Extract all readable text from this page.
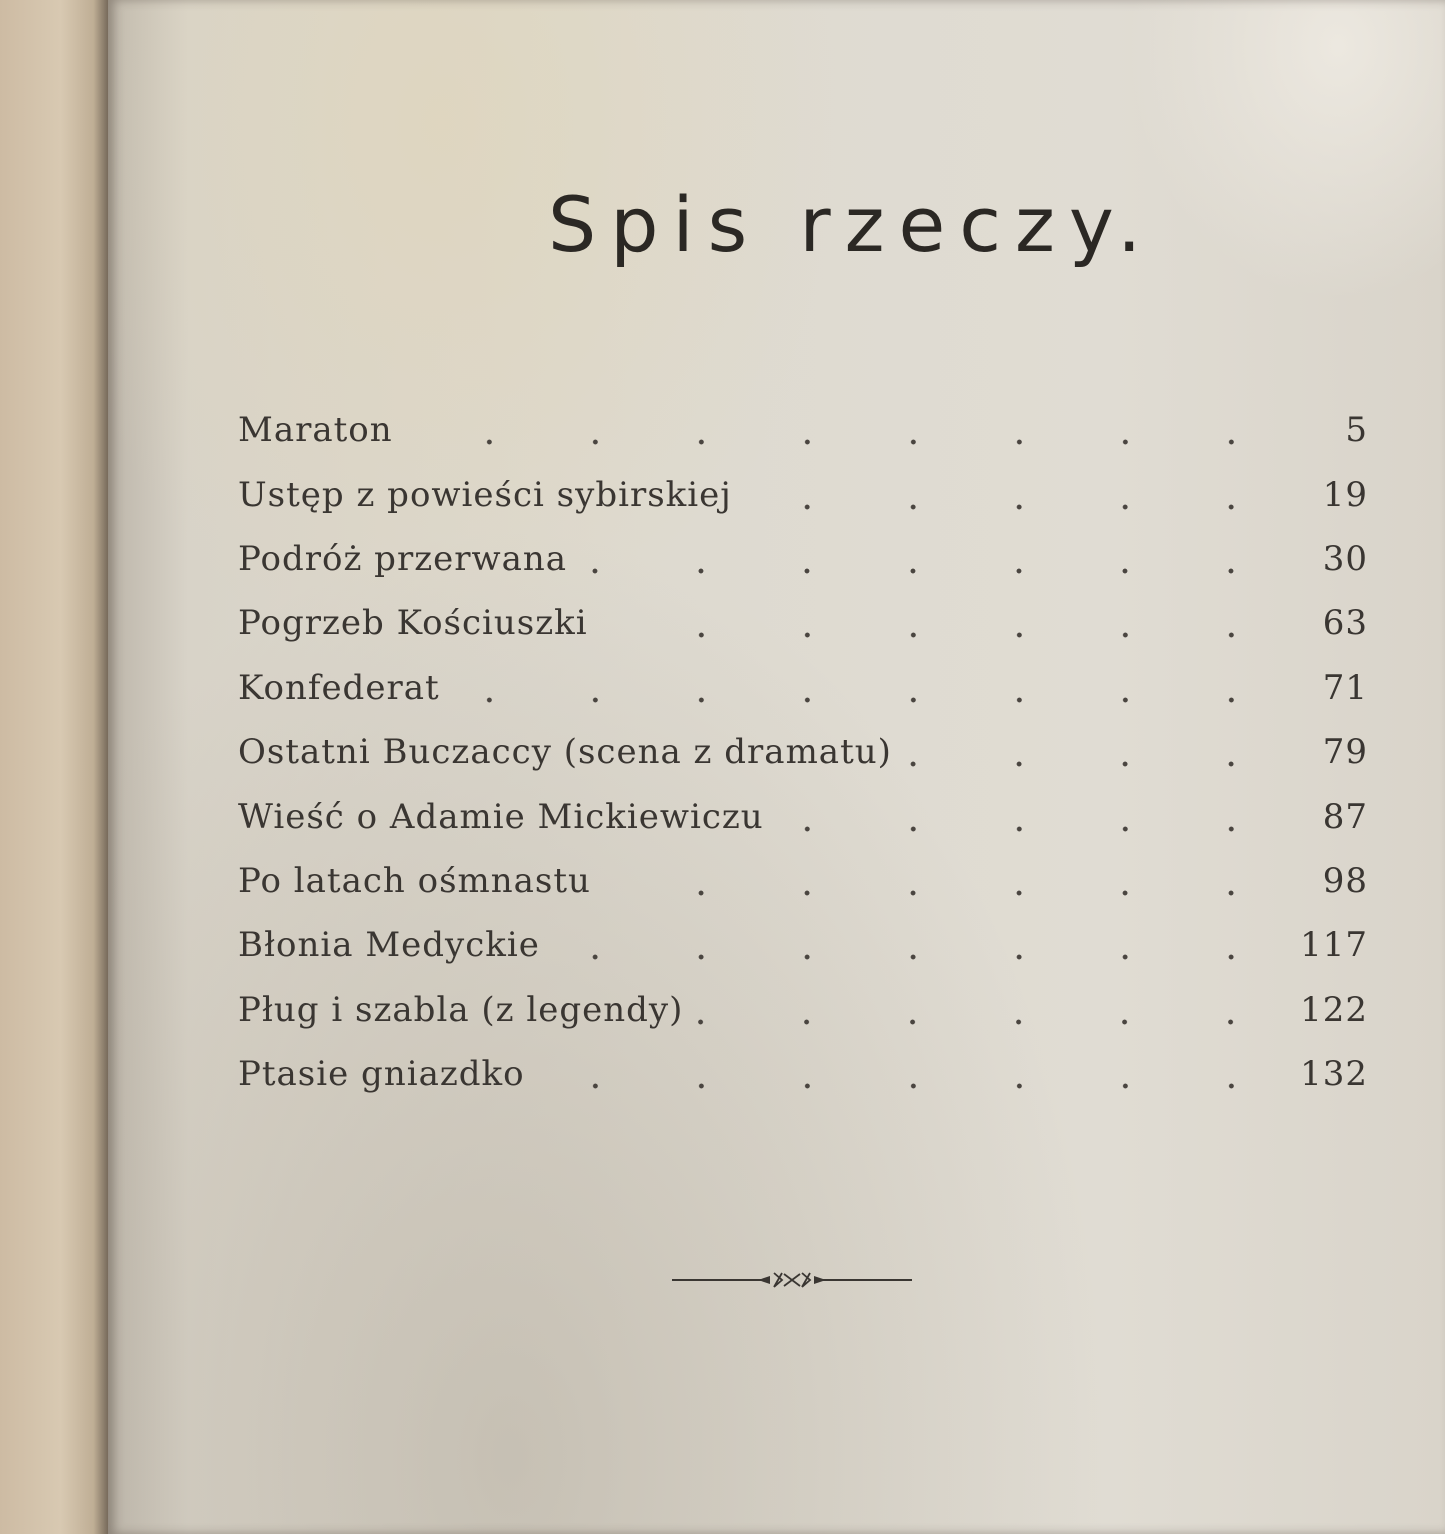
Spis rzeczy.
Maraton	5
Ustęp z powieści sybirskiej	19
Podróż przerwana	30
Pogrzeb Kościuszki	63
Konfederat	71
Ostatni Buczaccy (scena z dramatu)	79
Wieść o Adamie Mickiewiczu	87
Po latach ośmnastu	98
Błonia Medyckie	117
Pług i szabla (z legendy)	122
Ptasie gniazdko	132
